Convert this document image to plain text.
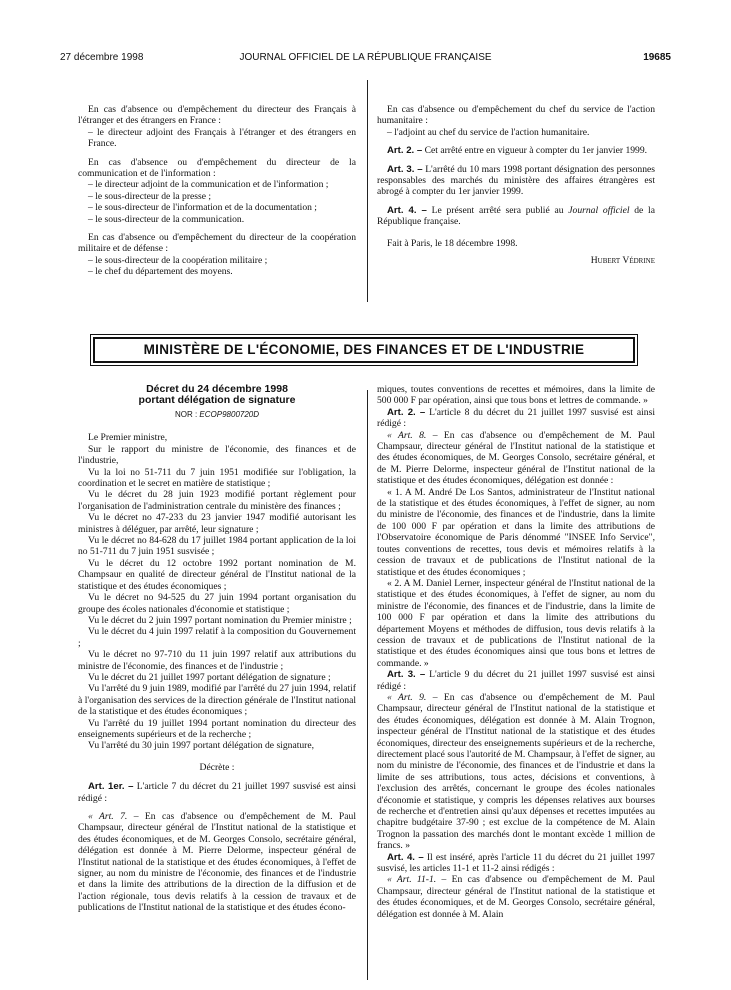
27 décembre 1998	JOURNAL OFFICIEL DE LA RÉPUBLIQUE FRANÇAISE	19685

En cas d'absence ou d'empêchement du directeur des Français à l'étranger et des étrangers en France :

– le directeur adjoint des Français à l'étranger et des étrangers en France.

En cas d'absence ou d'empêchement du directeur de la communication et de l'information :

– le directeur adjoint de la communication et de l'information ;

– le sous-directeur de la presse ;

– le sous-directeur de l'information et de la documentation ;

– le sous-directeur de la communication.

En cas d'absence ou d'empêchement du directeur de la coopération militaire et de défense :

– le sous-directeur de la coopération militaire ;

– le chef du département des moyens.

En cas d'absence ou d'empêchement du chef du service de l'action humanitaire :

– l'adjoint au chef du service de l'action humanitaire.

Art. 2. – Cet arrêté entre en vigueur à compter du 1er janvier 1999.

Art. 3. – L'arrêté du 10 mars 1998 portant désignation des personnes responsables des marchés du ministère des affaires étrangères est abrogé à compter du 1er janvier 1999.

Art. 4. – Le présent arrêté sera publié au Journal officiel de la République française.

Fait à Paris, le 18 décembre 1998.

Hubert Védrine

MINISTÈRE DE L'ÉCONOMIE, DES FINANCES ET DE L'INDUSTRIE
Décret du 24 décembre 1998
portant délégation de signature
NOR : ECOP9800720D

Le Premier ministre,

Sur le rapport du ministre de l'économie, des finances et de l'industrie,

Vu la loi no 51-711 du 7 juin 1951 modifiée sur l'obligation, la coordination et le secret en matière de statistique ;

Vu le décret du 28 juin 1923 modifié portant règlement pour l'organisation de l'administration centrale du ministère des finances ;

Vu le décret no 47-233 du 23 janvier 1947 modifié autorisant les ministres à déléguer, par arrêté, leur signature ;

Vu le décret no 84-628 du 17 juillet 1984 portant application de la loi no 51-711 du 7 juin 1951 susvisée ;

Vu le décret du 12 octobre 1992 portant nomination de M. Champsaur en qualité de directeur général de l'Institut national de la statistique et des études économiques ;

Vu le décret no 94-525 du 27 juin 1994 portant organisation du groupe des écoles nationales d'économie et statistique ;

Vu le décret du 2 juin 1997 portant nomination du Premier ministre ;

Vu le décret du 4 juin 1997 relatif à la composition du Gouvernement ;

Vu le décret no 97-710 du 11 juin 1997 relatif aux attributions du ministre de l'économie, des finances et de l'industrie ;

Vu le décret du 21 juillet 1997 portant délégation de signature ;

Vu l'arrêté du 9 juin 1989, modifié par l'arrêté du 27 juin 1994, relatif à l'organisation des services de la direction générale de l'Institut national de la statistique et des études économiques ;

Vu l'arrêté du 19 juillet 1994 portant nomination du directeur des enseignements supérieurs et de la recherche ;

Vu l'arrêté du 30 juin 1997 portant délégation de signature,

Décrète :

Art. 1er. – L'article 7 du décret du 21 juillet 1997 susvisé est ainsi rédigé :

« Art. 7. – En cas d'absence ou d'empêchement de M. Paul Champsaur, directeur général de l'Institut national de la statistique et des études économiques, et de M. Georges Consolo, secrétaire général, délégation est donnée à M. Pierre Delorme, inspecteur général de l'Institut national de la statistique et des études économiques, à l'effet de signer, au nom du ministre de l'économie, des finances et de l'industrie et dans la limite des attributions de la direction de la diffusion et de l'action régionale, tous devis relatifs à la cession de travaux et de publications de l'Institut national de la statistique et des études écono-

miques, toutes conventions de recettes et mémoires, dans la limite de 500 000 F par opération, ainsi que tous bons et lettres de commande. »

Art. 2. – L'article 8 du décret du 21 juillet 1997 susvisé est ainsi rédigé :

« Art. 8. – En cas d'absence ou d'empêchement de M. Paul Champsaur, directeur général de l'Institut national de la statistique et des études économiques, de M. Georges Consolo, secrétaire général, et de M. Pierre Delorme, inspecteur général de l'Institut national de la statistique et des études économiques, délégation est donnée :

« 1. A M. André De Los Santos, administrateur de l'Institut national de la statistique et des études économiques, à l'effet de signer, au nom du ministre de l'économie, des finances et de l'industrie, dans la limite de 100 000 F par opération et dans la limite des attributions de l'Observatoire économique de Paris dénommé "INSEE Info Service", toutes conventions de recettes, tous devis et mémoires relatifs à la cession de travaux et de publications de l'Institut national de la statistique et des études économiques ;

« 2. A M. Daniel Lerner, inspecteur général de l'Institut national de la statistique et des études économiques, à l'effet de signer, au nom du ministre de l'économie, des finances et de l'industrie, dans la limite de 100 000 F par opération et dans la limite des attributions du département Moyens et méthodes de diffusion, tous devis relatifs à la cession de travaux et de publications de l'Institut national de la statistique et des études économiques ainsi que tous bons et lettres de commande. »

Art. 3. – L'article 9 du décret du 21 juillet 1997 susvisé est ainsi rédigé :

« Art. 9. – En cas d'absence ou d'empêchement de M. Paul Champsaur, directeur général de l'Institut national de la statistique et des études économiques, délégation est donnée à M. Alain Trognon, inspecteur général de l'Institut national de la statistique et des études économiques, directeur des enseignements supérieurs et de la recherche, directement placé sous l'autorité de M. Champsaur, à l'effet de signer, au nom du ministre de l'économie, des finances et de l'industrie et dans la limite de ses attributions, tous actes, décisions et conventions, à l'exclusion des arrêtés, concernant le groupe des écoles nationales d'économie et statistique, y compris les dépenses relatives aux bourses de recherche et d'entretien ainsi qu'aux dépenses et recettes imputées au chapitre budgétaire 37-90 ; est exclue de la compétence de M. Alain Trognon la passation des marchés dont le montant excède 1 million de francs. »

Art. 4. – Il est inséré, après l'article 11 du décret du 21 juillet 1997 susvisé, les articles 11-1 et 11-2 ainsi rédigés :

« Art. 11-1. – En cas d'absence ou d'empêchement de M. Paul Champsaur, directeur général de l'Institut national de la statistique et des études économiques, et de M. Georges Consolo, secrétaire général, délégation est donnée à M. Alain
